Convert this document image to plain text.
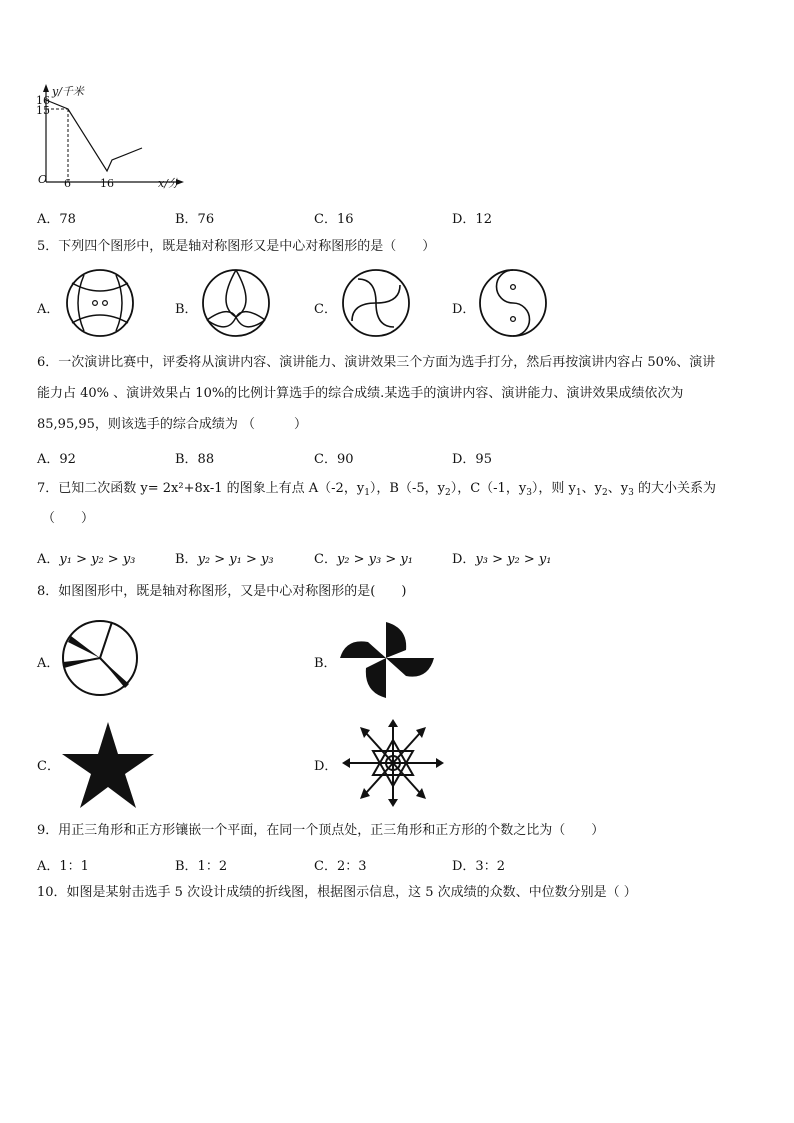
y/千米
16
15
O 6	16	x/分
A．78	B．76	C．16	D．12
5．下列四个图形中，既是轴对称图形又是中心对称图形的是（　　）
A．	B．	C．	D．
6．一次演讲比赛中，评委将从演讲内容、演讲能力、演讲效果三个方面为选手打分，然后再按演讲内容占 50%、演讲
能力占 40% 、演讲效果占 10%的比例计算选手的综合成绩.某选手的演讲内容、演讲能力、演讲效果成绩依次为
85,95,95，则该选手的综合成绩为 （　　　）
A．92	B．88	C．90	D．95
7．已知二次函数 y= 2x²+8x-1 的图象上有点 A（-2，$y_1$），B（-5，$y_2$），C（-1，$y_3$），则 $y_1$、$y_2$、$y_3$ 的大小关系为
（　　）
A．y₁ > y₂ > y₃	B．y₂ > y₁ > y₃	C．y₂ > y₃ > y₁	D．y₃ > y₂ > y₁
8．如图图形中，既是轴对称图形，又是中心对称图形的是(　　)
A．	B．
C．	D．
9．用正三角形和正方形镶嵌一个平面，在同一个顶点处，正三角形和正方形的个数之比为（　　）
A．1：1	B．1：2	C．2：3	D．3：2
10．如图是某射击选手 5 次设计成绩的折线图，根据图示信息，这 5 次成绩的众数、中位数分别是（ ）
